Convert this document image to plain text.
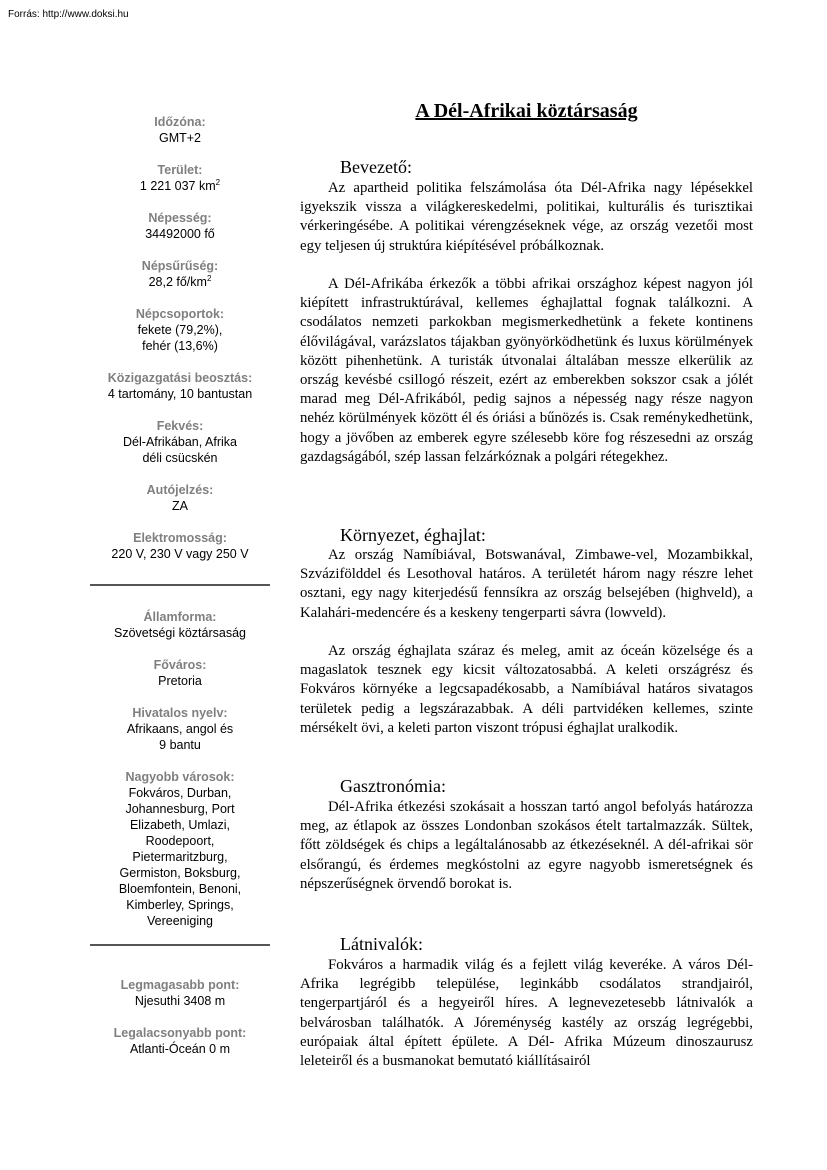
Forrás: http://www.doksi.hu
Időzóna:
GMT+2
Terület:
1 221 037 $km^2$
Népesség:
34492000 fő
Népsűrűség:
28,2 $fő/km^2$
Népcsoportok:
fekete (79,2%),
fehér (13,6%)
Közigazgatási beosztás:
4 tartomány, 10 bantustan
Fekvés:
Dél-Afrikában, Afrika
déli csücskén
Autójelzés:
ZA
Elektromosság:
220 V, 230 V vagy 250 V
Államforma:
Szövetségi köztársaság
Főváros:
Pretoria
Hivatalos nyelv:
Afrikaans, angol és
9 bantu
Nagyobb városok:
Fokváros, Durban,
Johannesburg, Port
Elizabeth, Umlazi,
Roodepoort,
Pietermaritzburg,
Germiston, Boksburg,
Bloemfontein, Benoni,
Kimberley, Springs,
Vereeniging
Legmagasabb pont:
Njesuthi 3408 m
Legalacsonyabb pont:
Atlanti-Óceán 0 m
A Dél-Afrikai köztársaság
Bevezető:

Az apartheid politika felszámolása óta Dél-Afrika nagy lépésekkel igyekszik vissza a világkereskedelmi, politikai, kulturális és turisztikai vérkeringésébe. A politikai vérengzéseknek vége, az ország vezetői most egy teljesen új struktúra kiépítésével próbálkoznak.

A Dél-Afrikába érkezők a többi afrikai országhoz képest nagyon jól kiépített infrastruktúrával, kellemes éghajlattal fognak találkozni. A csodálatos nemzeti parkokban megismerkedhetünk a fekete kontinens élővilágával, varázslatos tájakban gyönyörködhetünk és luxus körülmények között pihenhetünk. A turisták útvonalai általában messze elkerülik az ország kevésbé csillogó részeit, ezért az emberekben sokszor csak a jólét marad meg Dél-Afrikából, pedig sajnos a népesség nagy része nagyon nehéz körülmények között él és óriási a bűnözés is. Csak reménykedhetünk, hogy a jövőben az emberek egyre szélesebb köre fog részesedni az ország gazdagságából, szép lassan felzárkóznak a polgári rétegekhez.

Környezet, éghajlat:

Az ország Namíbiával, Botswanával, Zimbawe-vel, Mozambikkal, Szvázifölddel és Lesothoval határos. A területét három nagy részre lehet osztani, egy nagy kiterjedésű fennsíkra az ország belsejében (highveld), a Kalahári-medencére és a keskeny tengerparti sávra (lowveld).

Az ország éghajlata száraz és meleg, amit az óceán közelsége és a magaslatok tesznek egy kicsit változatosabbá. A keleti országrész és Fokváros környéke a legcsapadékosabb, a Namíbiával határos sivatagos területek pedig a legszárazabbak. A déli partvidéken kellemes, szinte mérsékelt övi, a keleti parton viszont trópusi éghajlat uralkodik.

Gasztronómia:

Dél-Afrika étkezési szokásait a hosszan tartó angol befolyás határozza meg, az étlapok az összes Londonban szokásos ételt tartalmazzák. Sültek, főtt zöldségek és chips a legáltalánosabb az étkezéseknél. A dél-afrikai sör elsőrangú, és érdemes megkóstolni az egyre nagyobb ismeretségnek és népszerűségnek örvendő borokat is.

Látnivalók:

Fokváros a harmadik világ és a fejlett világ keveréke. A város Dél-Afrika legrégibb települése, leginkább csodálatos strandjairól, tengerpartjáról és a hegyeiről híres. A legnevezetesebb látnivalók a belvárosban találhatók. A Jóreménység kastély az ország legrégebbi, európaiak által épített épülete. A Dél- Afrika Múzeum dinoszaurusz leleteiről és a busmanokat bemutató kiállításairól
